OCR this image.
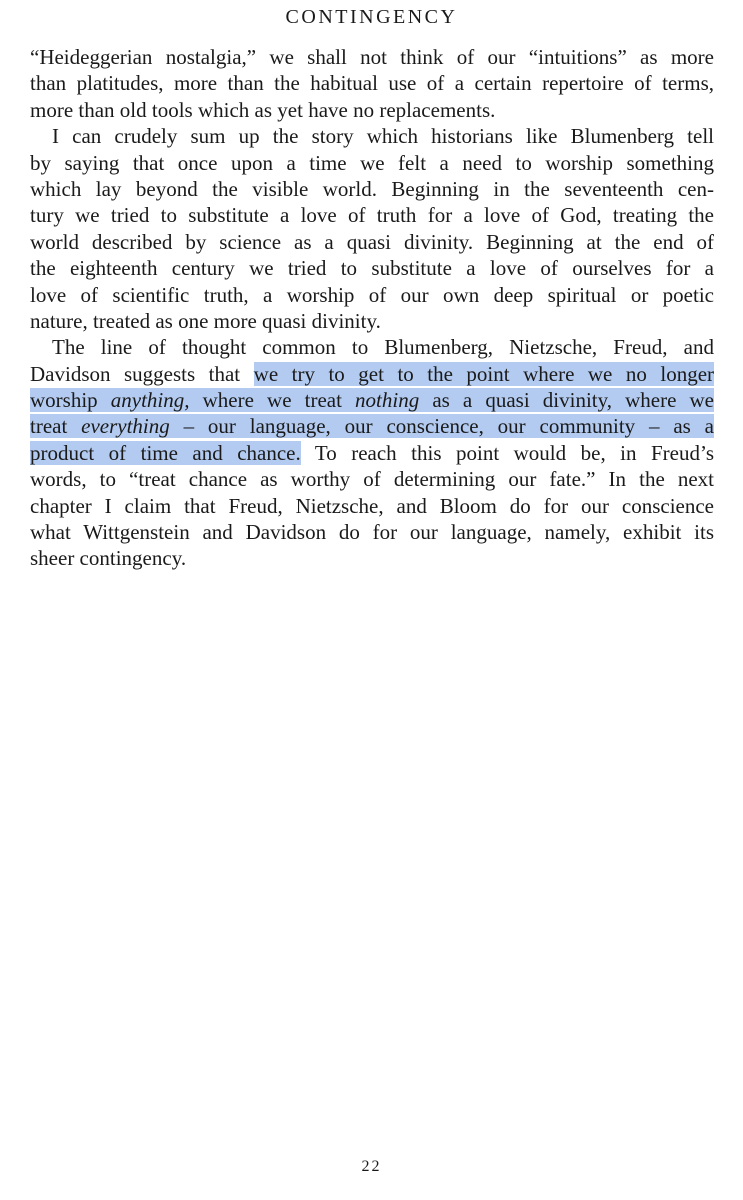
CONTINGENCY
“Heideggerian nostalgia,” we shall not think of our “intuitions” as more
than platitudes, more than the habitual use of a certain repertoire of terms,
more than old tools which as yet have no replacements.
I can crudely sum up the story which historians like Blumenberg tell
by saying that once upon a time we felt a need to worship something
which lay beyond the visible world. Beginning in the seventeenth cen-
tury we tried to substitute a love of truth for a love of God, treating the
world described by science as a quasi divinity. Beginning at the end of
the eighteenth century we tried to substitute a love of ourselves for a
love of scientific truth, a worship of our own deep spiritual or poetic
nature, treated as one more quasi divinity.
The line of thought common to Blumenberg, Nietzsche, Freud, and
Davidson suggests that we try to get to the point where we no longer
worship anything, where we treat nothing as a quasi divinity, where we
treat everything – our language, our conscience, our community – as a
product of time and chance. To reach this point would be, in Freud’s
words, to “treat chance as worthy of determining our fate.” In the next
chapter I claim that Freud, Nietzsche, and Bloom do for our conscience
what Wittgenstein and Davidson do for our language, namely, exhibit its
sheer contingency.
22
